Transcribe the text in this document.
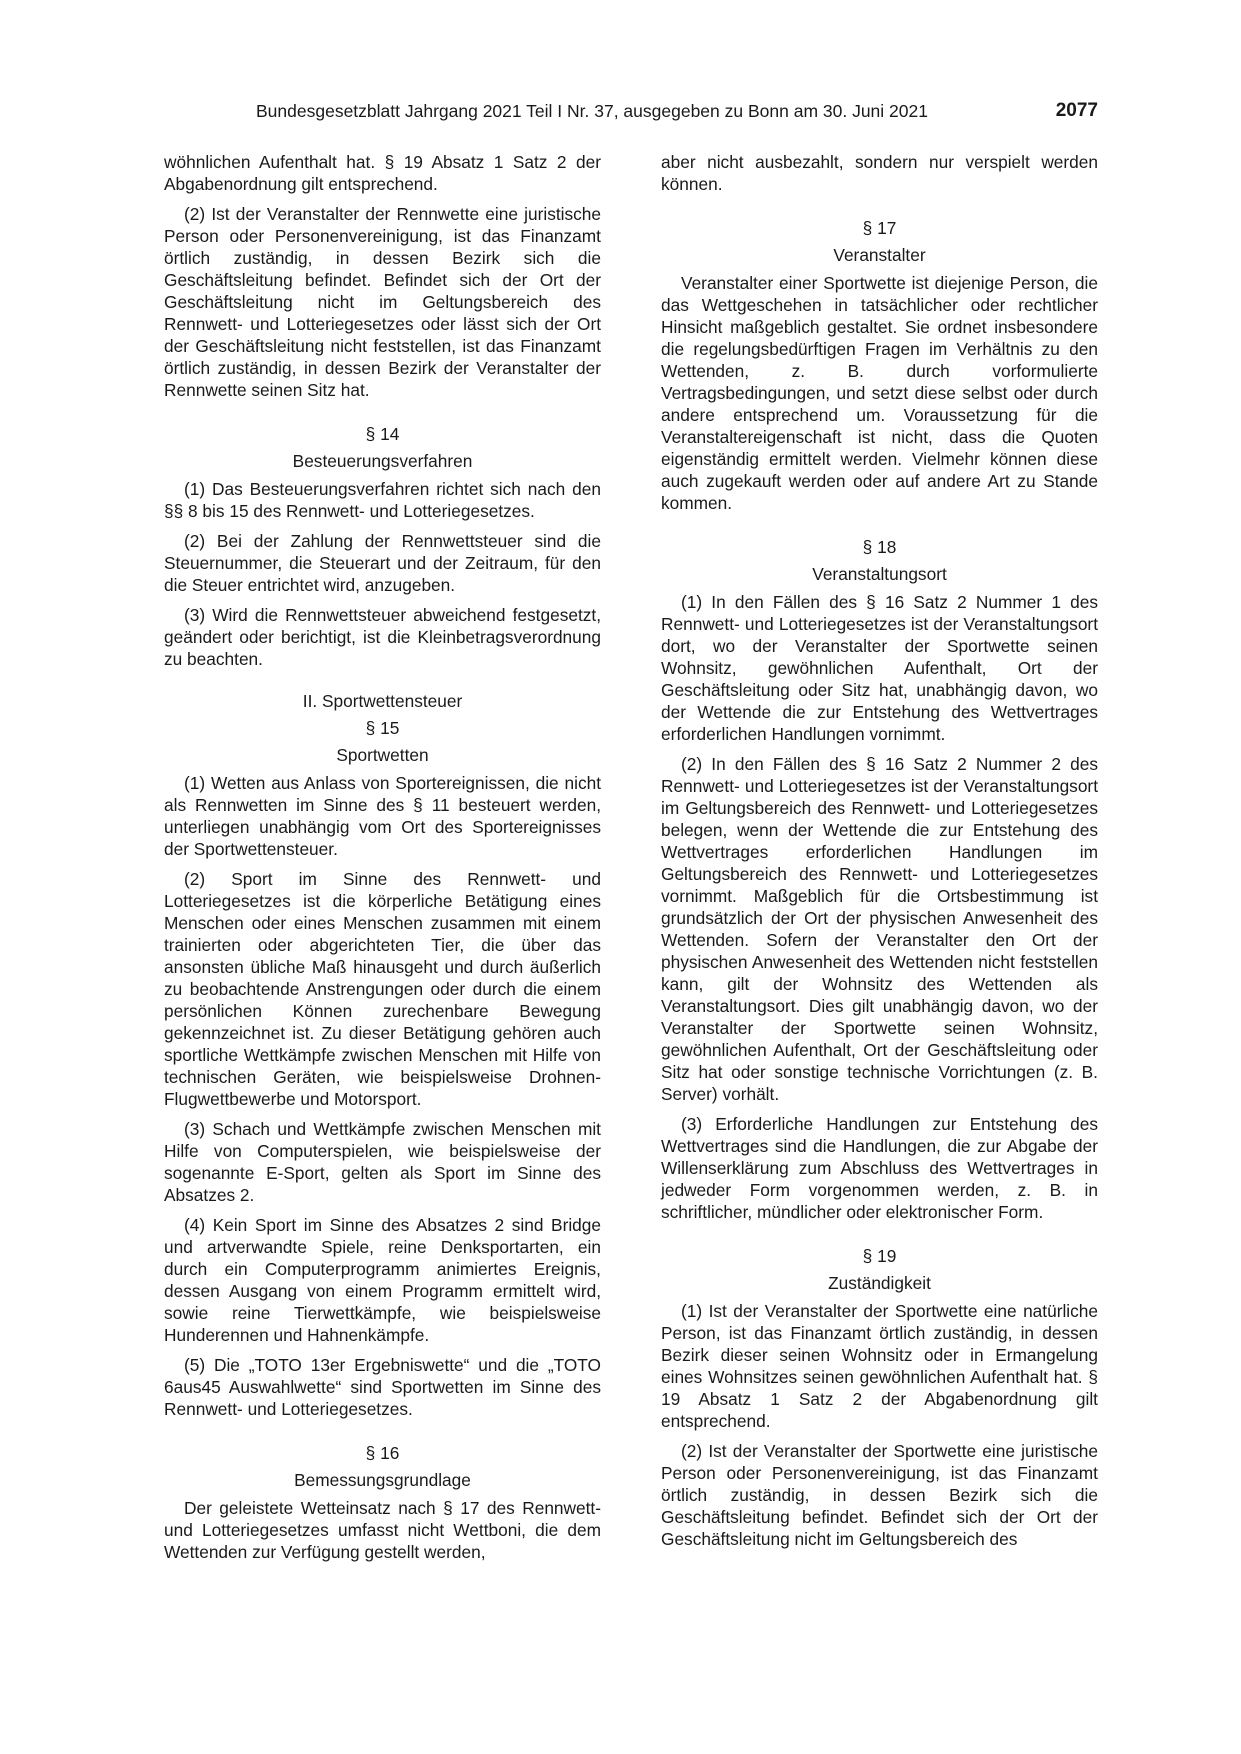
Bundesgesetzblatt Jahrgang 2021 Teil I Nr. 37, ausgegeben zu Bonn am 30. Juni 2021	2077

wöhnlichen Aufenthalt hat. § 19 Absatz 1 Satz 2 der Abgabenordnung gilt entsprechend.

(2) Ist der Veranstalter der Rennwette eine juristische Person oder Personenvereinigung, ist das Finanzamt örtlich zuständig, in dessen Bezirk sich die Geschäftsleitung befindet. Befindet sich der Ort der Geschäftsleitung nicht im Geltungsbereich des Rennwett- und Lotteriegesetzes oder lässt sich der Ort der Geschäftsleitung nicht feststellen, ist das Finanzamt örtlich zuständig, in dessen Bezirk der Veranstalter der Rennwette seinen Sitz hat.

§ 14

Besteuerungsverfahren

(1) Das Besteuerungsverfahren richtet sich nach den §§ 8 bis 15 des Rennwett- und Lotteriegesetzes.

(2) Bei der Zahlung der Rennwettsteuer sind die Steuernummer, die Steuerart und der Zeitraum, für den die Steuer entrichtet wird, anzugeben.

(3) Wird die Rennwettsteuer abweichend festgesetzt, geändert oder berichtigt, ist die Kleinbetragsverordnung zu beachten.

II. Sportwettensteuer

§ 15

Sportwetten

(1) Wetten aus Anlass von Sportereignissen, die nicht als Rennwetten im Sinne des § 11 besteuert werden, unterliegen unabhängig vom Ort des Sportereignisses der Sportwettensteuer.

(2) Sport im Sinne des Rennwett- und Lotteriegesetzes ist die körperliche Betätigung eines Menschen oder eines Menschen zusammen mit einem trainierten oder abgerichteten Tier, die über das ansonsten übliche Maß hinausgeht und durch äußerlich zu beobachtende Anstrengungen oder durch die einem persönlichen Können zurechenbare Bewegung gekennzeichnet ist. Zu dieser Betätigung gehören auch sportliche Wettkämpfe zwischen Menschen mit Hilfe von technischen Geräten, wie beispielsweise Drohnen-Flugwettbewerbe und Motorsport.

(3) Schach und Wettkämpfe zwischen Menschen mit Hilfe von Computerspielen, wie beispielsweise der sogenannte E-Sport, gelten als Sport im Sinne des Absatzes 2.

(4) Kein Sport im Sinne des Absatzes 2 sind Bridge und artverwandte Spiele, reine Denksportarten, ein durch ein Computerprogramm animiertes Ereignis, dessen Ausgang von einem Programm ermittelt wird, sowie reine Tierwettkämpfe, wie beispielsweise Hunderennen und Hahnenkämpfe.

(5) Die „TOTO 13er Ergebniswette“ und die „TOTO 6aus45 Auswahlwette“ sind Sportwetten im Sinne des Rennwett- und Lotteriegesetzes.

§ 16

Bemessungsgrundlage

Der geleistete Wetteinsatz nach § 17 des Rennwett- und Lotteriegesetzes umfasst nicht Wettboni, die dem Wettenden zur Verfügung gestellt werden,

aber nicht ausbezahlt, sondern nur verspielt werden können.

§ 17

Veranstalter

Veranstalter einer Sportwette ist diejenige Person, die das Wettgeschehen in tatsächlicher oder rechtlicher Hinsicht maßgeblich gestaltet. Sie ordnet insbesondere die regelungsbedürftigen Fragen im Verhältnis zu den Wettenden, z. B. durch vorformulierte Vertragsbedingungen, und setzt diese selbst oder durch andere entsprechend um. Voraussetzung für die Veranstaltereigenschaft ist nicht, dass die Quoten eigenständig ermittelt werden. Vielmehr können diese auch zugekauft werden oder auf andere Art zu Stande kommen.

§ 18

Veranstaltungsort

(1) In den Fällen des § 16 Satz 2 Nummer 1 des Rennwett- und Lotteriegesetzes ist der Veranstaltungsort dort, wo der Veranstalter der Sportwette seinen Wohnsitz, gewöhnlichen Aufenthalt, Ort der Geschäftsleitung oder Sitz hat, unabhängig davon, wo der Wettende die zur Entstehung des Wettvertrages erforderlichen Handlungen vornimmt.

(2) In den Fällen des § 16 Satz 2 Nummer 2 des Rennwett- und Lotteriegesetzes ist der Veranstaltungsort im Geltungsbereich des Rennwett- und Lotteriegesetzes belegen, wenn der Wettende die zur Entstehung des Wettvertrages erforderlichen Handlungen im Geltungsbereich des Rennwett- und Lotteriegesetzes vornimmt. Maßgeblich für die Ortsbestimmung ist grundsätzlich der Ort der physischen Anwesenheit des Wettenden. Sofern der Veranstalter den Ort der physischen Anwesenheit des Wettenden nicht feststellen kann, gilt der Wohnsitz des Wettenden als Veranstaltungsort. Dies gilt unabhängig davon, wo der Veranstalter der Sportwette seinen Wohnsitz, gewöhnlichen Aufenthalt, Ort der Geschäftsleitung oder Sitz hat oder sonstige technische Vorrichtungen (z. B. Server) vorhält.

(3) Erforderliche Handlungen zur Entstehung des Wettvertrages sind die Handlungen, die zur Abgabe der Willenserklärung zum Abschluss des Wettvertrages in jedweder Form vorgenommen werden, z. B. in schriftlicher, mündlicher oder elektronischer Form.

§ 19

Zuständigkeit

(1) Ist der Veranstalter der Sportwette eine natürliche Person, ist das Finanzamt örtlich zuständig, in dessen Bezirk dieser seinen Wohnsitz oder in Ermangelung eines Wohnsitzes seinen gewöhnlichen Aufenthalt hat. § 19 Absatz 1 Satz 2 der Abgabenordnung gilt entsprechend.

(2) Ist der Veranstalter der Sportwette eine juristische Person oder Personenvereinigung, ist das Finanzamt örtlich zuständig, in dessen Bezirk sich die Geschäftsleitung befindet. Befindet sich der Ort der Geschäftsleitung nicht im Geltungsbereich des
